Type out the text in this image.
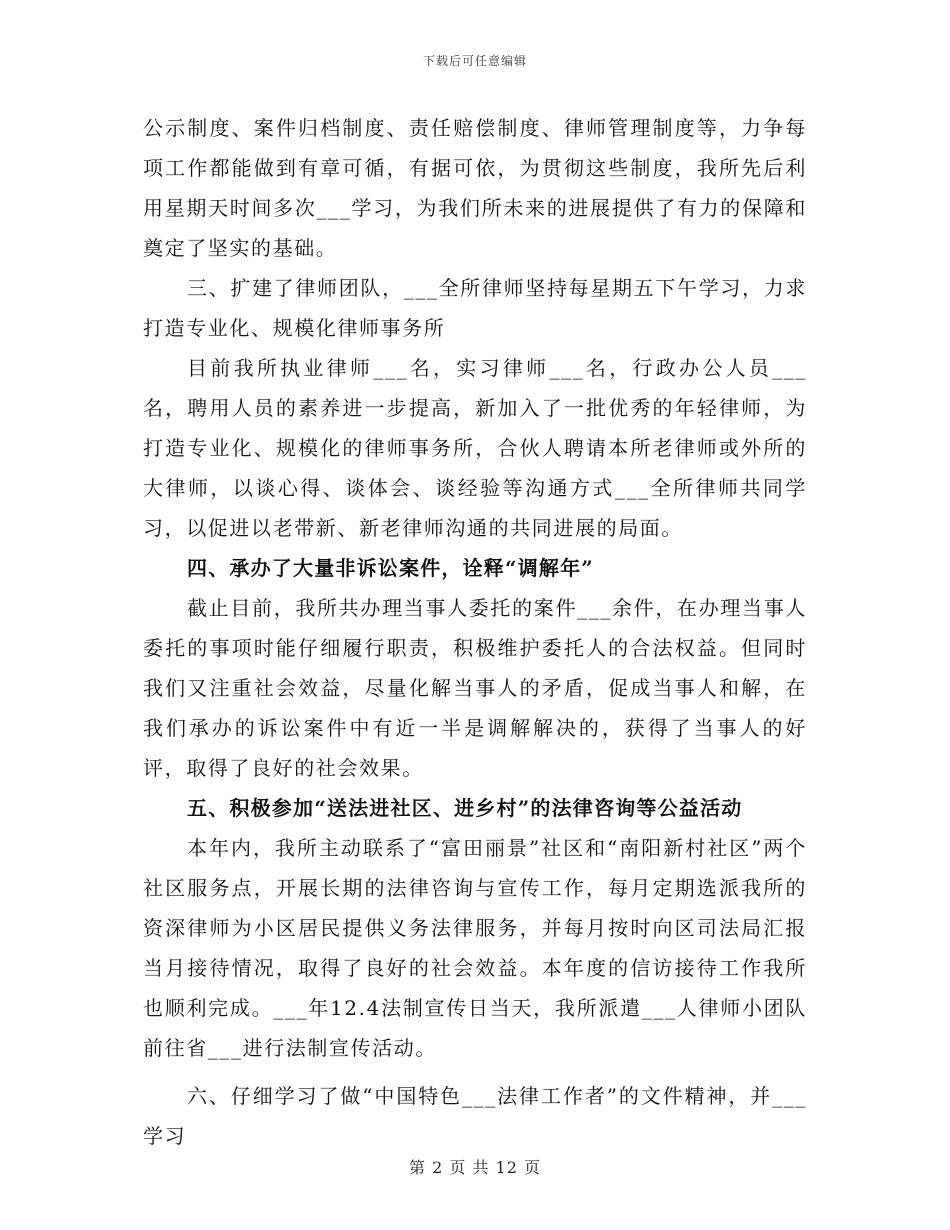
下载后可任意编辑

公示制度、案件归档制度、责任赔偿制度、律师管理制度等，力争每项工作都能做到有章可循，有据可依，为贯彻这些制度，我所先后利用星期天时间多次___学习，为我们所未来的进展提供了有力的保障和奠定了坚实的基础。

三、扩建了律师团队，___全所律师坚持每星期五下午学习，力求打造专业化、规模化律师事务所

目前我所执业律师___名，实习律师___名，行政办公人员___名，聘用人员的素养进一步提高，新加入了一批优秀的年轻律师，为打造专业化、规模化的律师事务所，合伙人聘请本所老律师或外所的大律师，以谈心得、谈体会、谈经验等沟通方式___全所律师共同学习，以促进以老带新、新老律师沟通的共同进展的局面。

四、承办了大量非诉讼案件，诠释“调解年”

截止目前，我所共办理当事人委托的案件___余件，在办理当事人委托的事项时能仔细履行职责，积极维护委托人的合法权益。但同时我们又注重社会效益，尽量化解当事人的矛盾，促成当事人和解，在我们承办的诉讼案件中有近一半是调解解决的，获得了当事人的好评，取得了良好的社会效果。

五、积极参加“送法进社区、进乡村”的法律咨询等公益活动

本年内，我所主动联系了“富田丽景”社区和“南阳新村社区”两个社区服务点，开展长期的法律咨询与宣传工作，每月定期选派我所的资深律师为小区居民提供义务法律服务，并每月按时向区司法局汇报当月接待情况，取得了良好的社会效益。本年度的信访接待工作我所也顺利完成。___年12.4法制宣传日当天，我所派遣___人律师小团队前往省___进行法制宣传活动。

六、仔细学习了做“中国特色___法律工作者”的文件精神，并___学习

第 2 页 共 12 页
